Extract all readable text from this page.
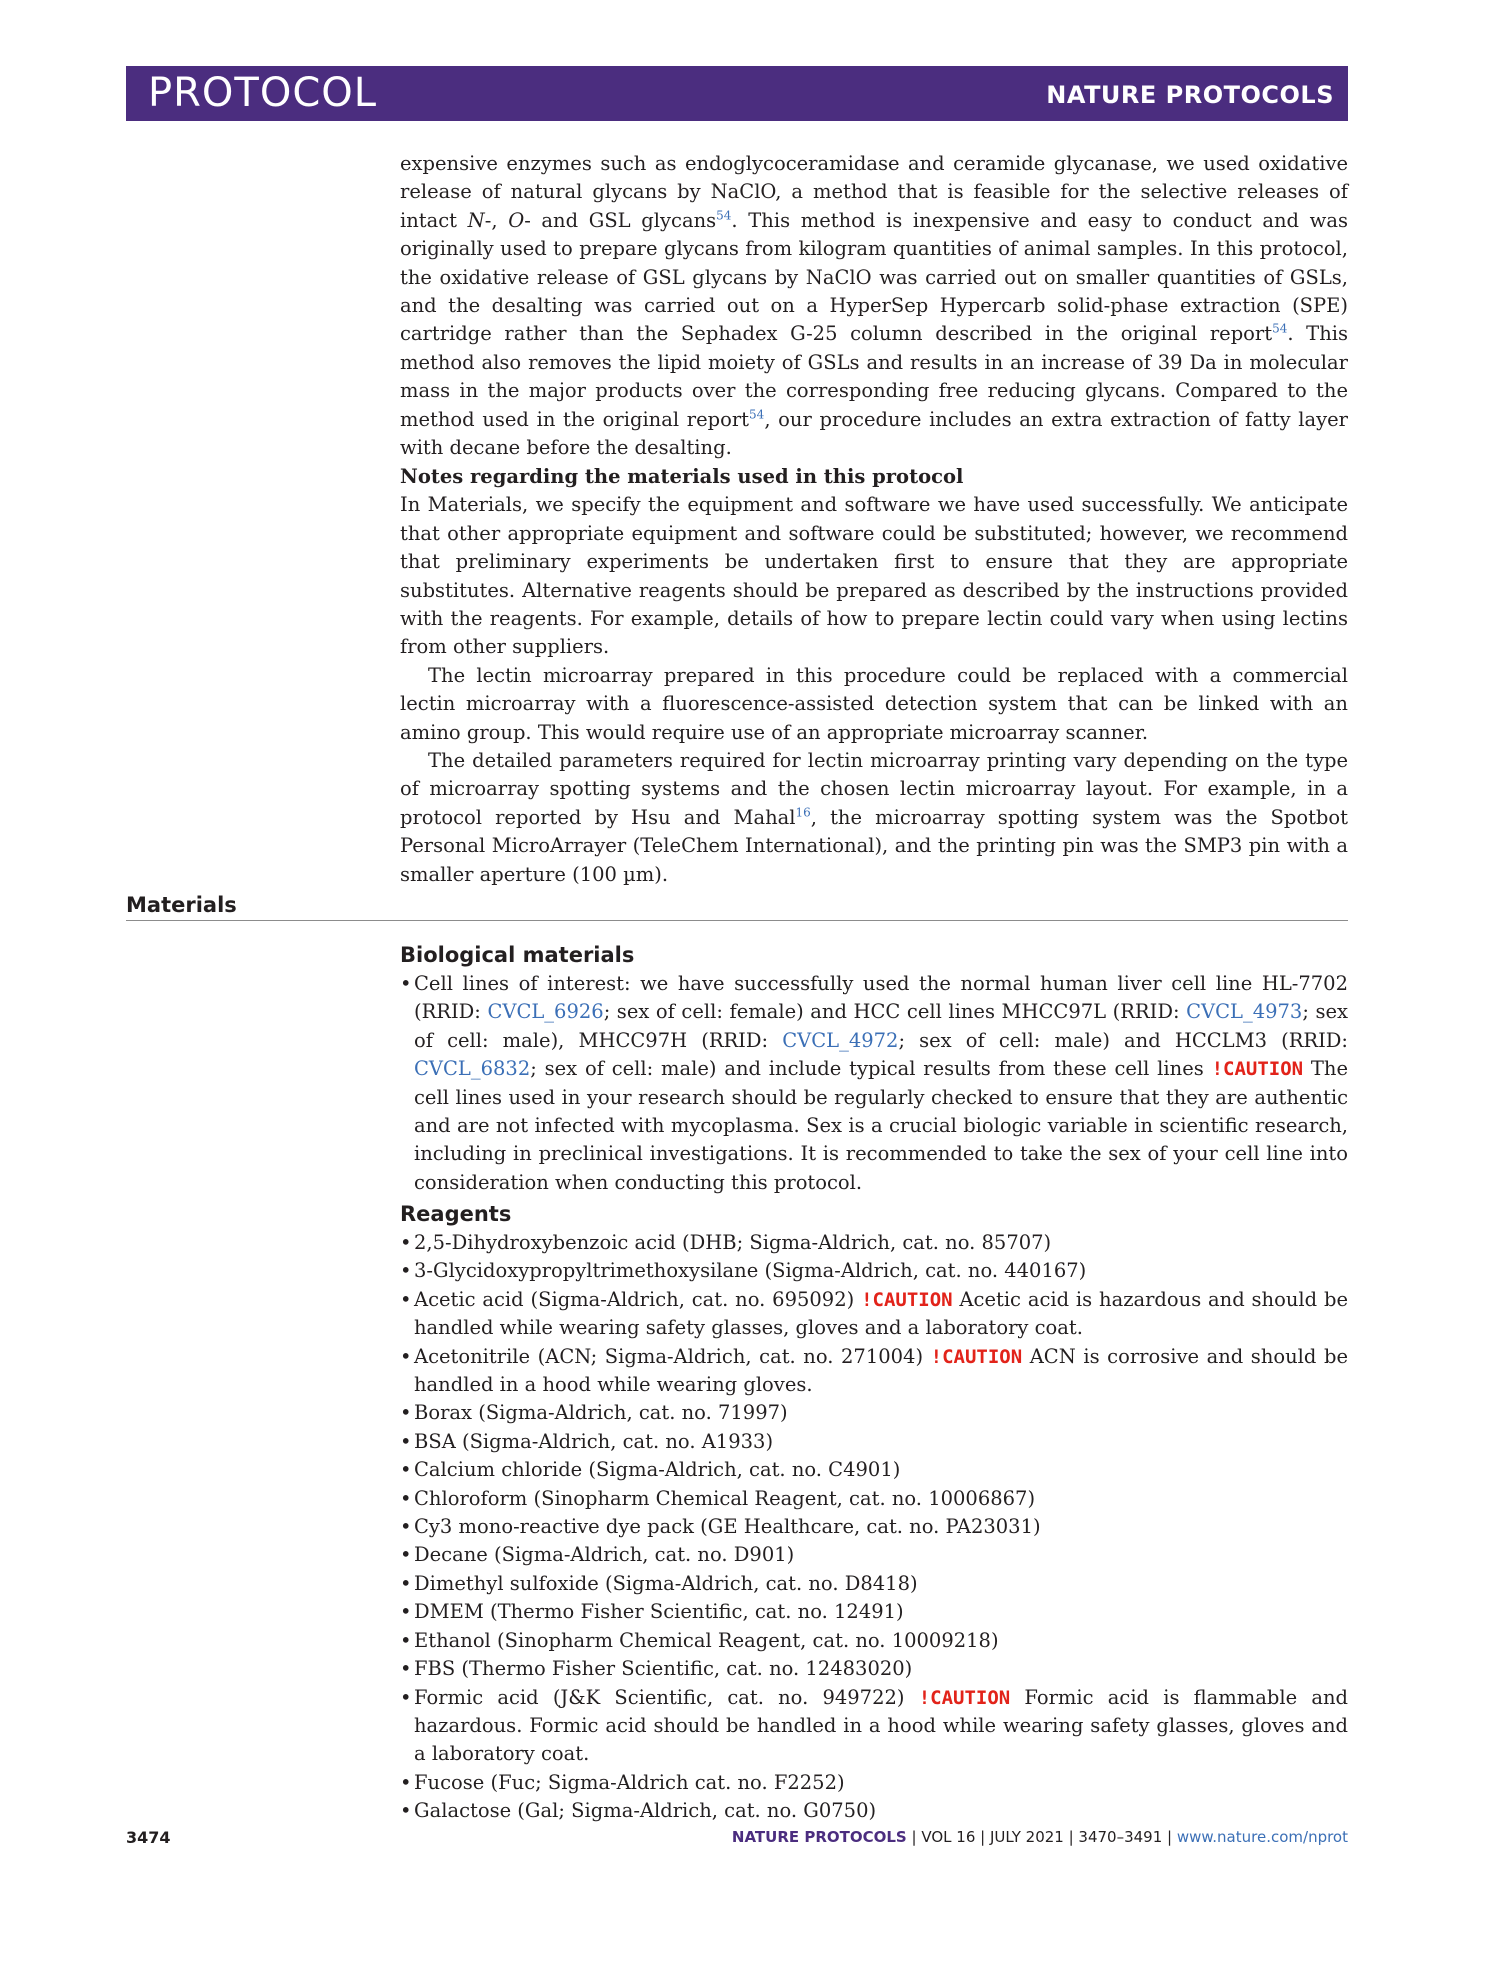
PROTOCOL	NATURE PROTOCOLS

expensive enzymes such as endoglycoceramidase and ceramide glycanase, we used oxidative release of natural glycans by NaClO, a method that is feasible for the selective releases of intact N-, O- and GSL glycans$^{54}$. This method is inexpensive and easy to conduct and was originally used to prepare glycans from kilogram quantities of animal samples. In this protocol, the oxidative release of GSL glycans by NaClO was carried out on smaller quantities of GSLs, and the desalting was carried out on a HyperSep Hypercarb solid-phase extraction (SPE) cartridge rather than the Sephadex G-25 column described in the original report$^{54}$. This method also removes the lipid moiety of GSLs and results in an increase of 39 Da in molecular mass in the major products over the corresponding free reducing glycans. Compared to the method used in the original report$^{54}$, our procedure includes an extra extraction of fatty layer with decane before the desalting.

Notes regarding the materials used in this protocol

In Materials, we specify the equipment and software we have used successfully. We anticipate that other appropriate equipment and software could be substituted; however, we recommend that preliminary experiments be undertaken first to ensure that they are appropriate substitutes. Alternative reagents should be prepared as described by the instructions provided with the reagents. For example, details of how to prepare lectin could vary when using lectins from other suppliers.

The lectin microarray prepared in this procedure could be replaced with a commercial lectin microarray with a fluorescence-assisted detection system that can be linked with an amino group. This would require use of an appropriate microarray scanner.

The detailed parameters required for lectin microarray printing vary depending on the type of microarray spotting systems and the chosen lectin microarray layout. For example, in a protocol reported by Hsu and Mahal$^{16}$, the microarray spotting system was the Spotbot Personal MicroArrayer (TeleChem International), and the printing pin was the SMP3 pin with a smaller aperture (100 µm).

Materials

Biological materials

• Cell lines of interest: we have successfully used the normal human liver cell line HL-7702 (RRID: CVCL_6926; sex of cell: female) and HCC cell lines MHCC97L (RRID: CVCL_4973; sex of cell: male), MHCC97H (RRID: CVCL_4972; sex of cell: male) and HCCLM3 (RRID: CVCL_6832; sex of cell: male) and include typical results from these cell lines !CAUTION The cell lines used in your research should be regularly checked to ensure that they are authentic and are not infected with mycoplasma. Sex is a crucial biologic variable in scientific research, including in preclinical investigations. It is recommended to take the sex of your cell line into consideration when conducting this protocol.

Reagents

• 2,5-Dihydroxybenzoic acid (DHB; Sigma-Aldrich, cat. no. 85707)
• 3-Glycidoxypropyltrimethoxysilane (Sigma-Aldrich, cat. no. 440167)
• Acetic acid (Sigma-Aldrich, cat. no. 695092) !CAUTION Acetic acid is hazardous and should be handled while wearing safety glasses, gloves and a laboratory coat.
• Acetonitrile (ACN; Sigma-Aldrich, cat. no. 271004) !CAUTION ACN is corrosive and should be handled in a hood while wearing gloves.
• Borax (Sigma-Aldrich, cat. no. 71997)
• BSA (Sigma-Aldrich, cat. no. A1933)
• Calcium chloride (Sigma-Aldrich, cat. no. C4901)
• Chloroform (Sinopharm Chemical Reagent, cat. no. 10006867)
• Cy3 mono-reactive dye pack (GE Healthcare, cat. no. PA23031)
• Decane (Sigma-Aldrich, cat. no. D901)
• Dimethyl sulfoxide (Sigma-Aldrich, cat. no. D8418)
• DMEM (Thermo Fisher Scientific, cat. no. 12491)
• Ethanol (Sinopharm Chemical Reagent, cat. no. 10009218)
• FBS (Thermo Fisher Scientific, cat. no. 12483020)
• Formic acid (J&K Scientific, cat. no. 949722) !CAUTION Formic acid is flammable and hazardous. Formic acid should be handled in a hood while wearing safety glasses, gloves and a laboratory coat.
• Fucose (Fuc; Sigma-Aldrich cat. no. F2252)
• Galactose (Gal; Sigma-Aldrich, cat. no. G0750)
3474	NATURE PROTOCOLS | VOL 16 | JULY 2021 | 3470–3491 | www.nature.com/nprot
